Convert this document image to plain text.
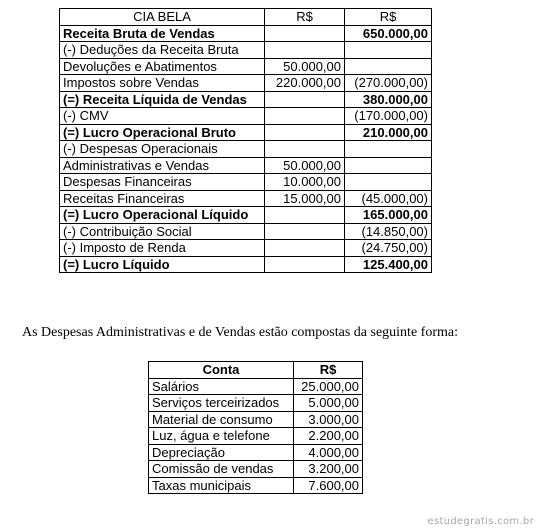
CIA BELA	R$	R$
Receita Bruta de Vendas		650.000,00
(-) Deduções da Receita Bruta		
Devoluções e Abatimentos	50.000,00	
Impostos sobre Vendas	220.000,00	(270.000,00)
(=) Receita Líquida de Vendas		380.000,00
(-) CMV		(170.000,00)
(=) Lucro Operacional Bruto		210.000,00
(-) Despesas Operacionais		
Administrativas e Vendas	50.000,00	
Despesas Financeiras	10.000,00	
Receitas Financeiras	15.000,00	(45.000,00)
(=) Lucro Operacional Líquido		165.000,00
(-) Contribuição Social		(14.850,00)
(-) Imposto de Renda		(24.750,00)
(=) Lucro Líquido		125.400,00

As Despesas Administrativas e de Vendas estão compostas da seguinte forma:

Conta	R$
Salários	25.000,00
Serviços terceirizados	5.000,00
Material de consumo	3.000,00
Luz, água e telefone	2.200,00
Depreciação	4.000,00
Comissão de vendas	3.200,00
Taxas municipais	7.600,00
estudegratis.com.br
